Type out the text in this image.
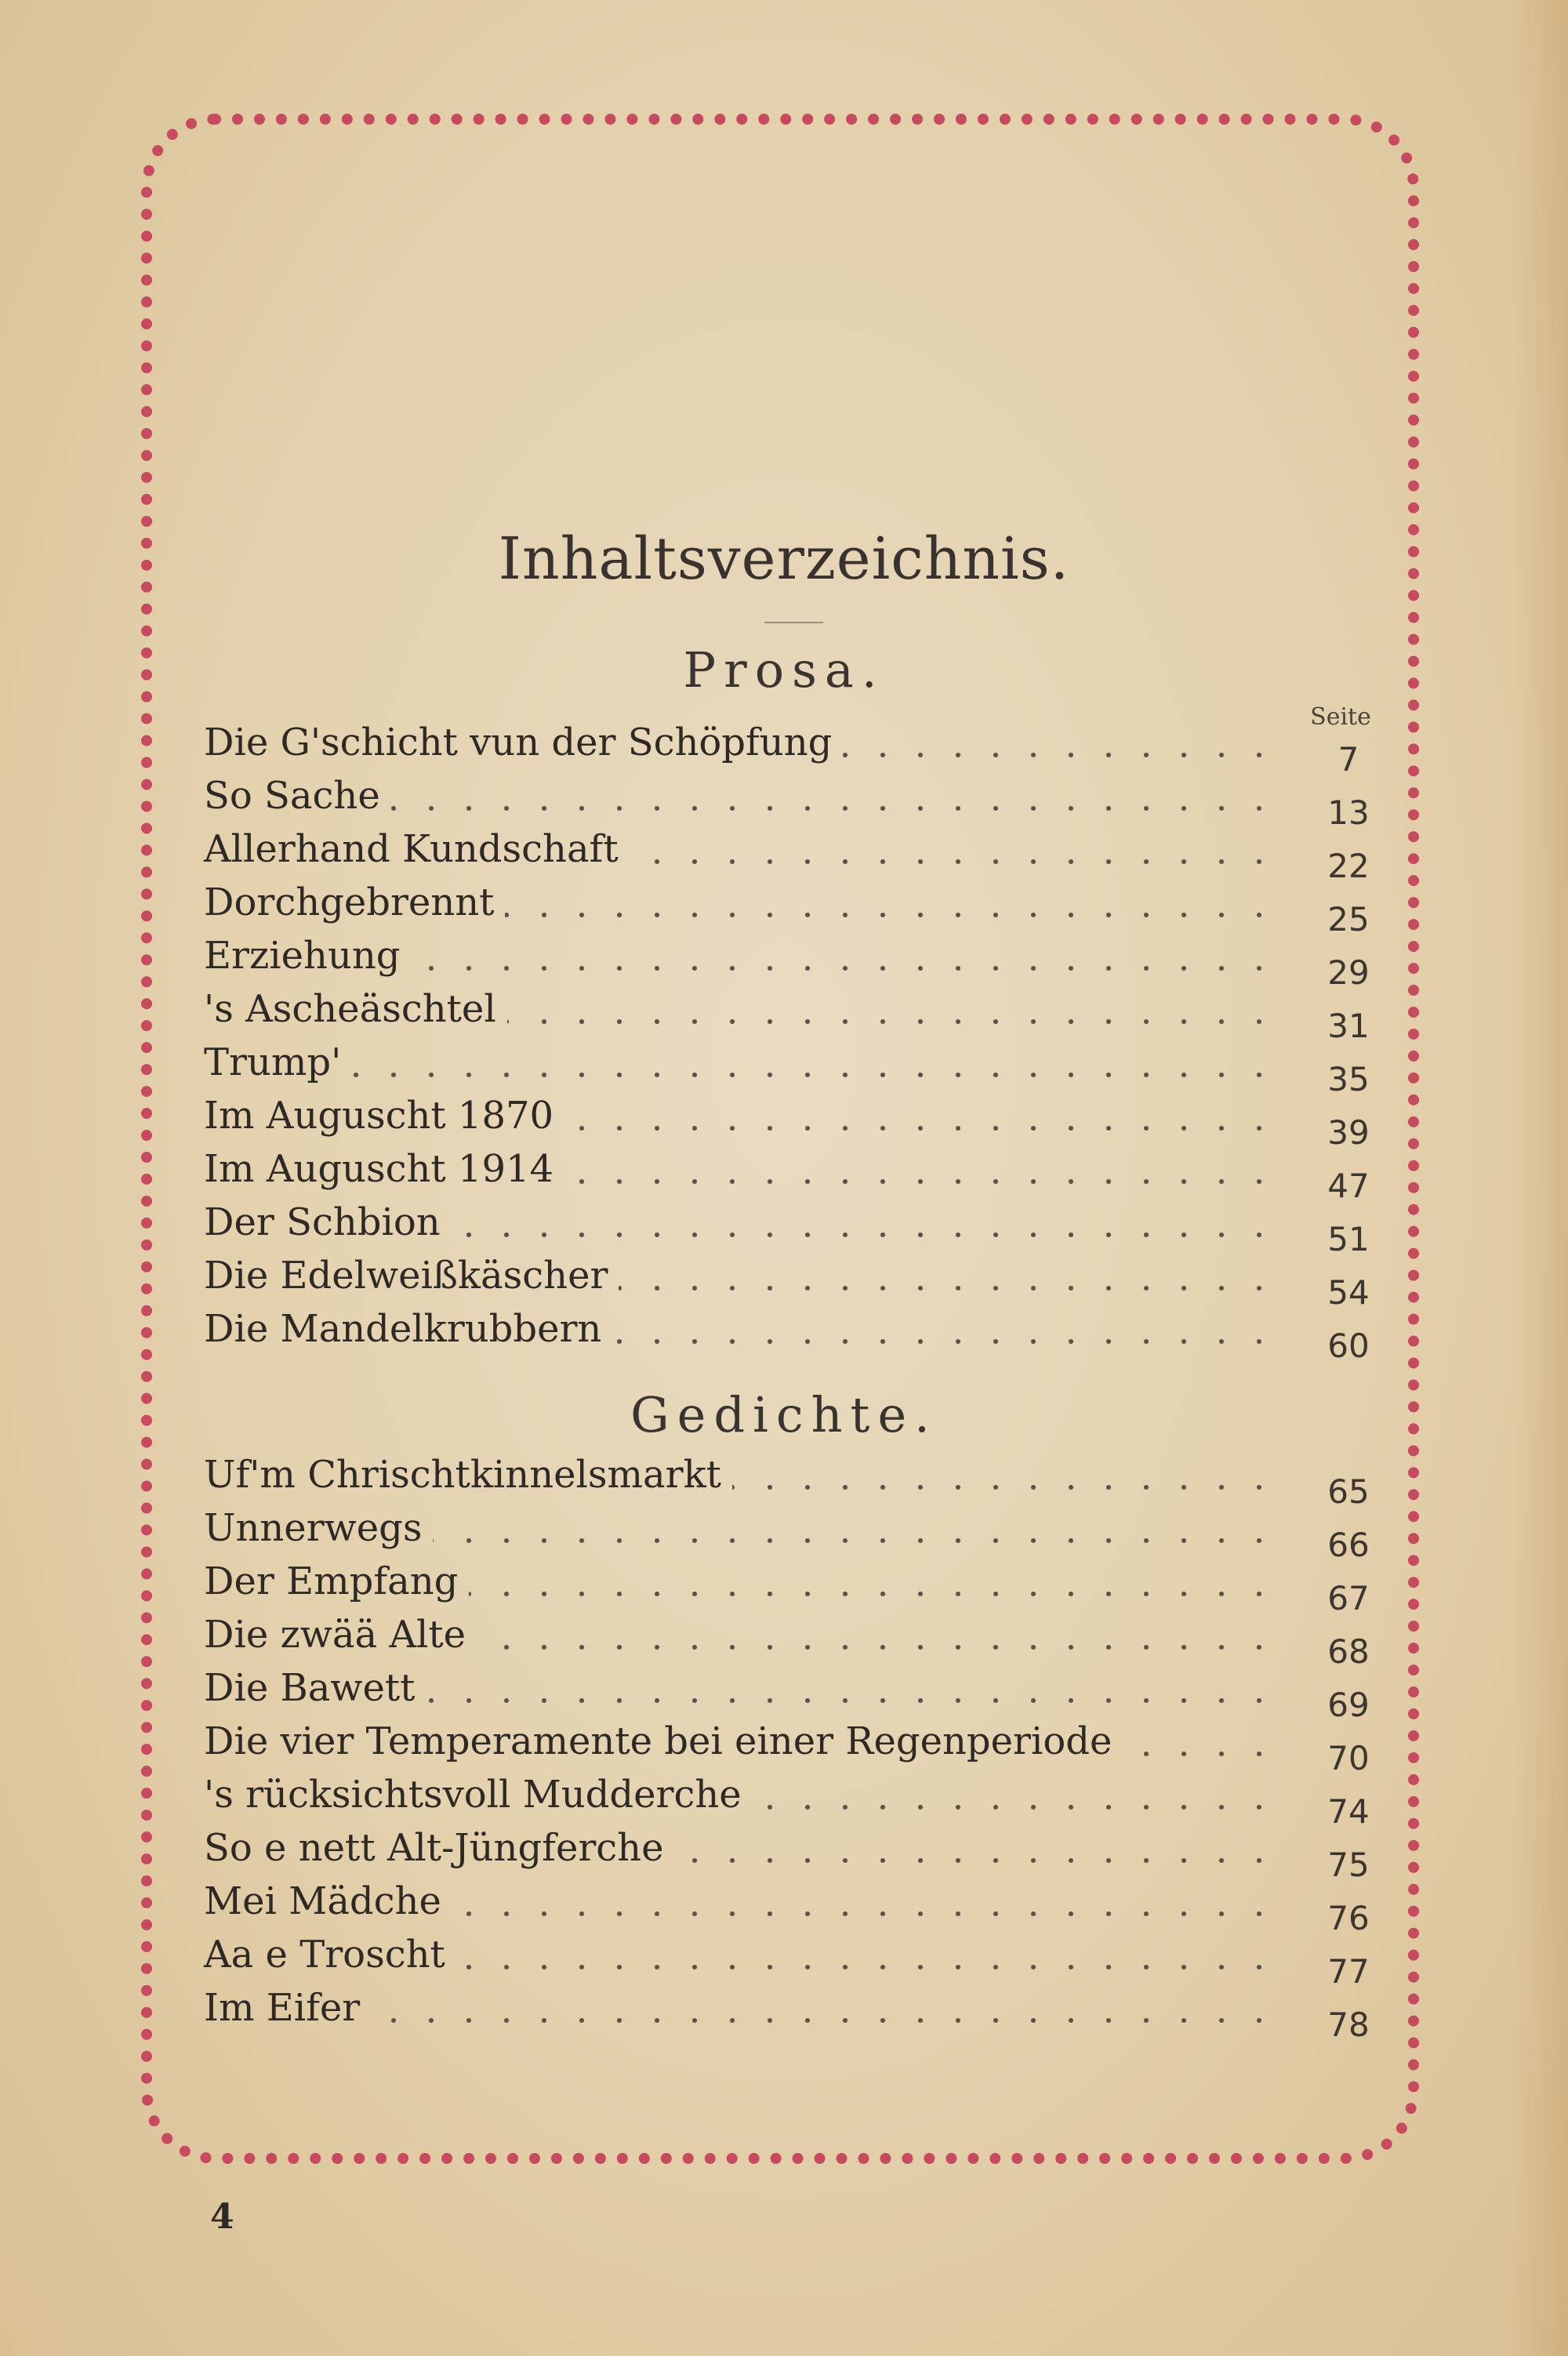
Inhaltsverzeichnis.
Prosa.
Seite
Die G'schicht vun der Schöpfung	7
So Sache	13
Allerhand Kundschaft	22
Dorchgebrennt	25
Erziehung	29
's Ascheäschtel	31
Trump'	35
Im Auguscht 1870	39
Im Auguscht 1914	47
Der Schbion	51
Die Edelweißkäscher	54
Die Mandelkrubbern	60
Gedichte.
Uf'm Chrischtkinnelsmarkt	65
Unnerwegs	66
Der Empfang	67
Die zwää Alte	68
Die Bawett	69
Die vier Temperamente bei einer Regenperiode	70
's rücksichtsvoll Mudderche	74
So e nett Alt-Jüngferche	75
Mei Mädche	76
Aa e Troscht	77
Im Eifer	78
4
